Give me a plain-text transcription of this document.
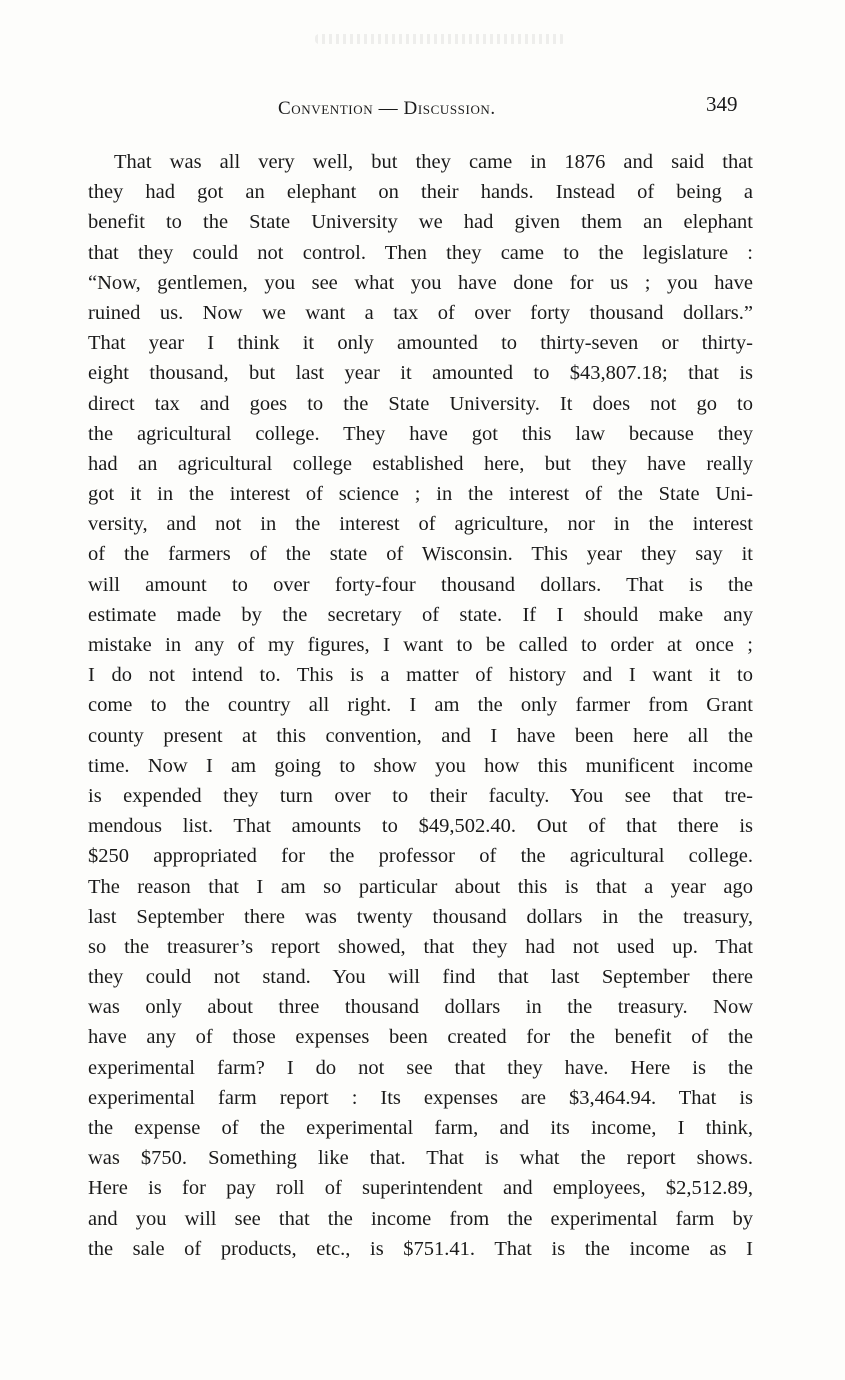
Convention — Discussion.	349
That was all very well, but they came in 1876 and said that
they had got an elephant on their hands. Instead of being a
benefit to the State University we had given them an elephant
that they could not control. Then they came to the legislature :
“Now, gentlemen, you see what you have done for us ; you have
ruined us. Now we want a tax of over forty thousand dollars.”
That year I think it only amounted to thirty-seven or thirty-
eight thousand, but last year it amounted to $43,807.18; that is
direct tax and goes to the State University. It does not go to
the agricultural college. They have got this law because they
had an agricultural college established here, but they have really
got it in the interest of science ; in the interest of the State Uni-
versity, and not in the interest of agriculture, nor in the interest
of the farmers of the state of Wisconsin. This year they say it
will amount to over forty-four thousand dollars. That is the
estimate made by the secretary of state. If I should make any
mistake in any of my figures, I want to be called to order at once ;
I do not intend to. This is a matter of history and I want it to
come to the country all right. I am the only farmer from Grant
county present at this convention, and I have been here all the
time. Now I am going to show you how this munificent income
is expended they turn over to their faculty. You see that tre-
mendous list. That amounts to $49,502.40. Out of that there is
$250 appropriated for the professor of the agricultural college.
The reason that I am so particular about this is that a year ago
last September there was twenty thousand dollars in the treasury,
so the treasurer’s report showed, that they had not used up. That
they could not stand. You will find that last September there
was only about three thousand dollars in the treasury. Now
have any of those expenses been created for the benefit of the
experimental farm? I do not see that they have. Here is the
experimental farm report : Its expenses are $3,464.94. That is
the expense of the experimental farm, and its income, I think,
was $750. Something like that. That is what the report shows.
Here is for pay roll of superintendent and employees, $2,512.89,
and you will see that the income from the experimental farm by
the sale of products, etc., is $751.41. That is the income as I
